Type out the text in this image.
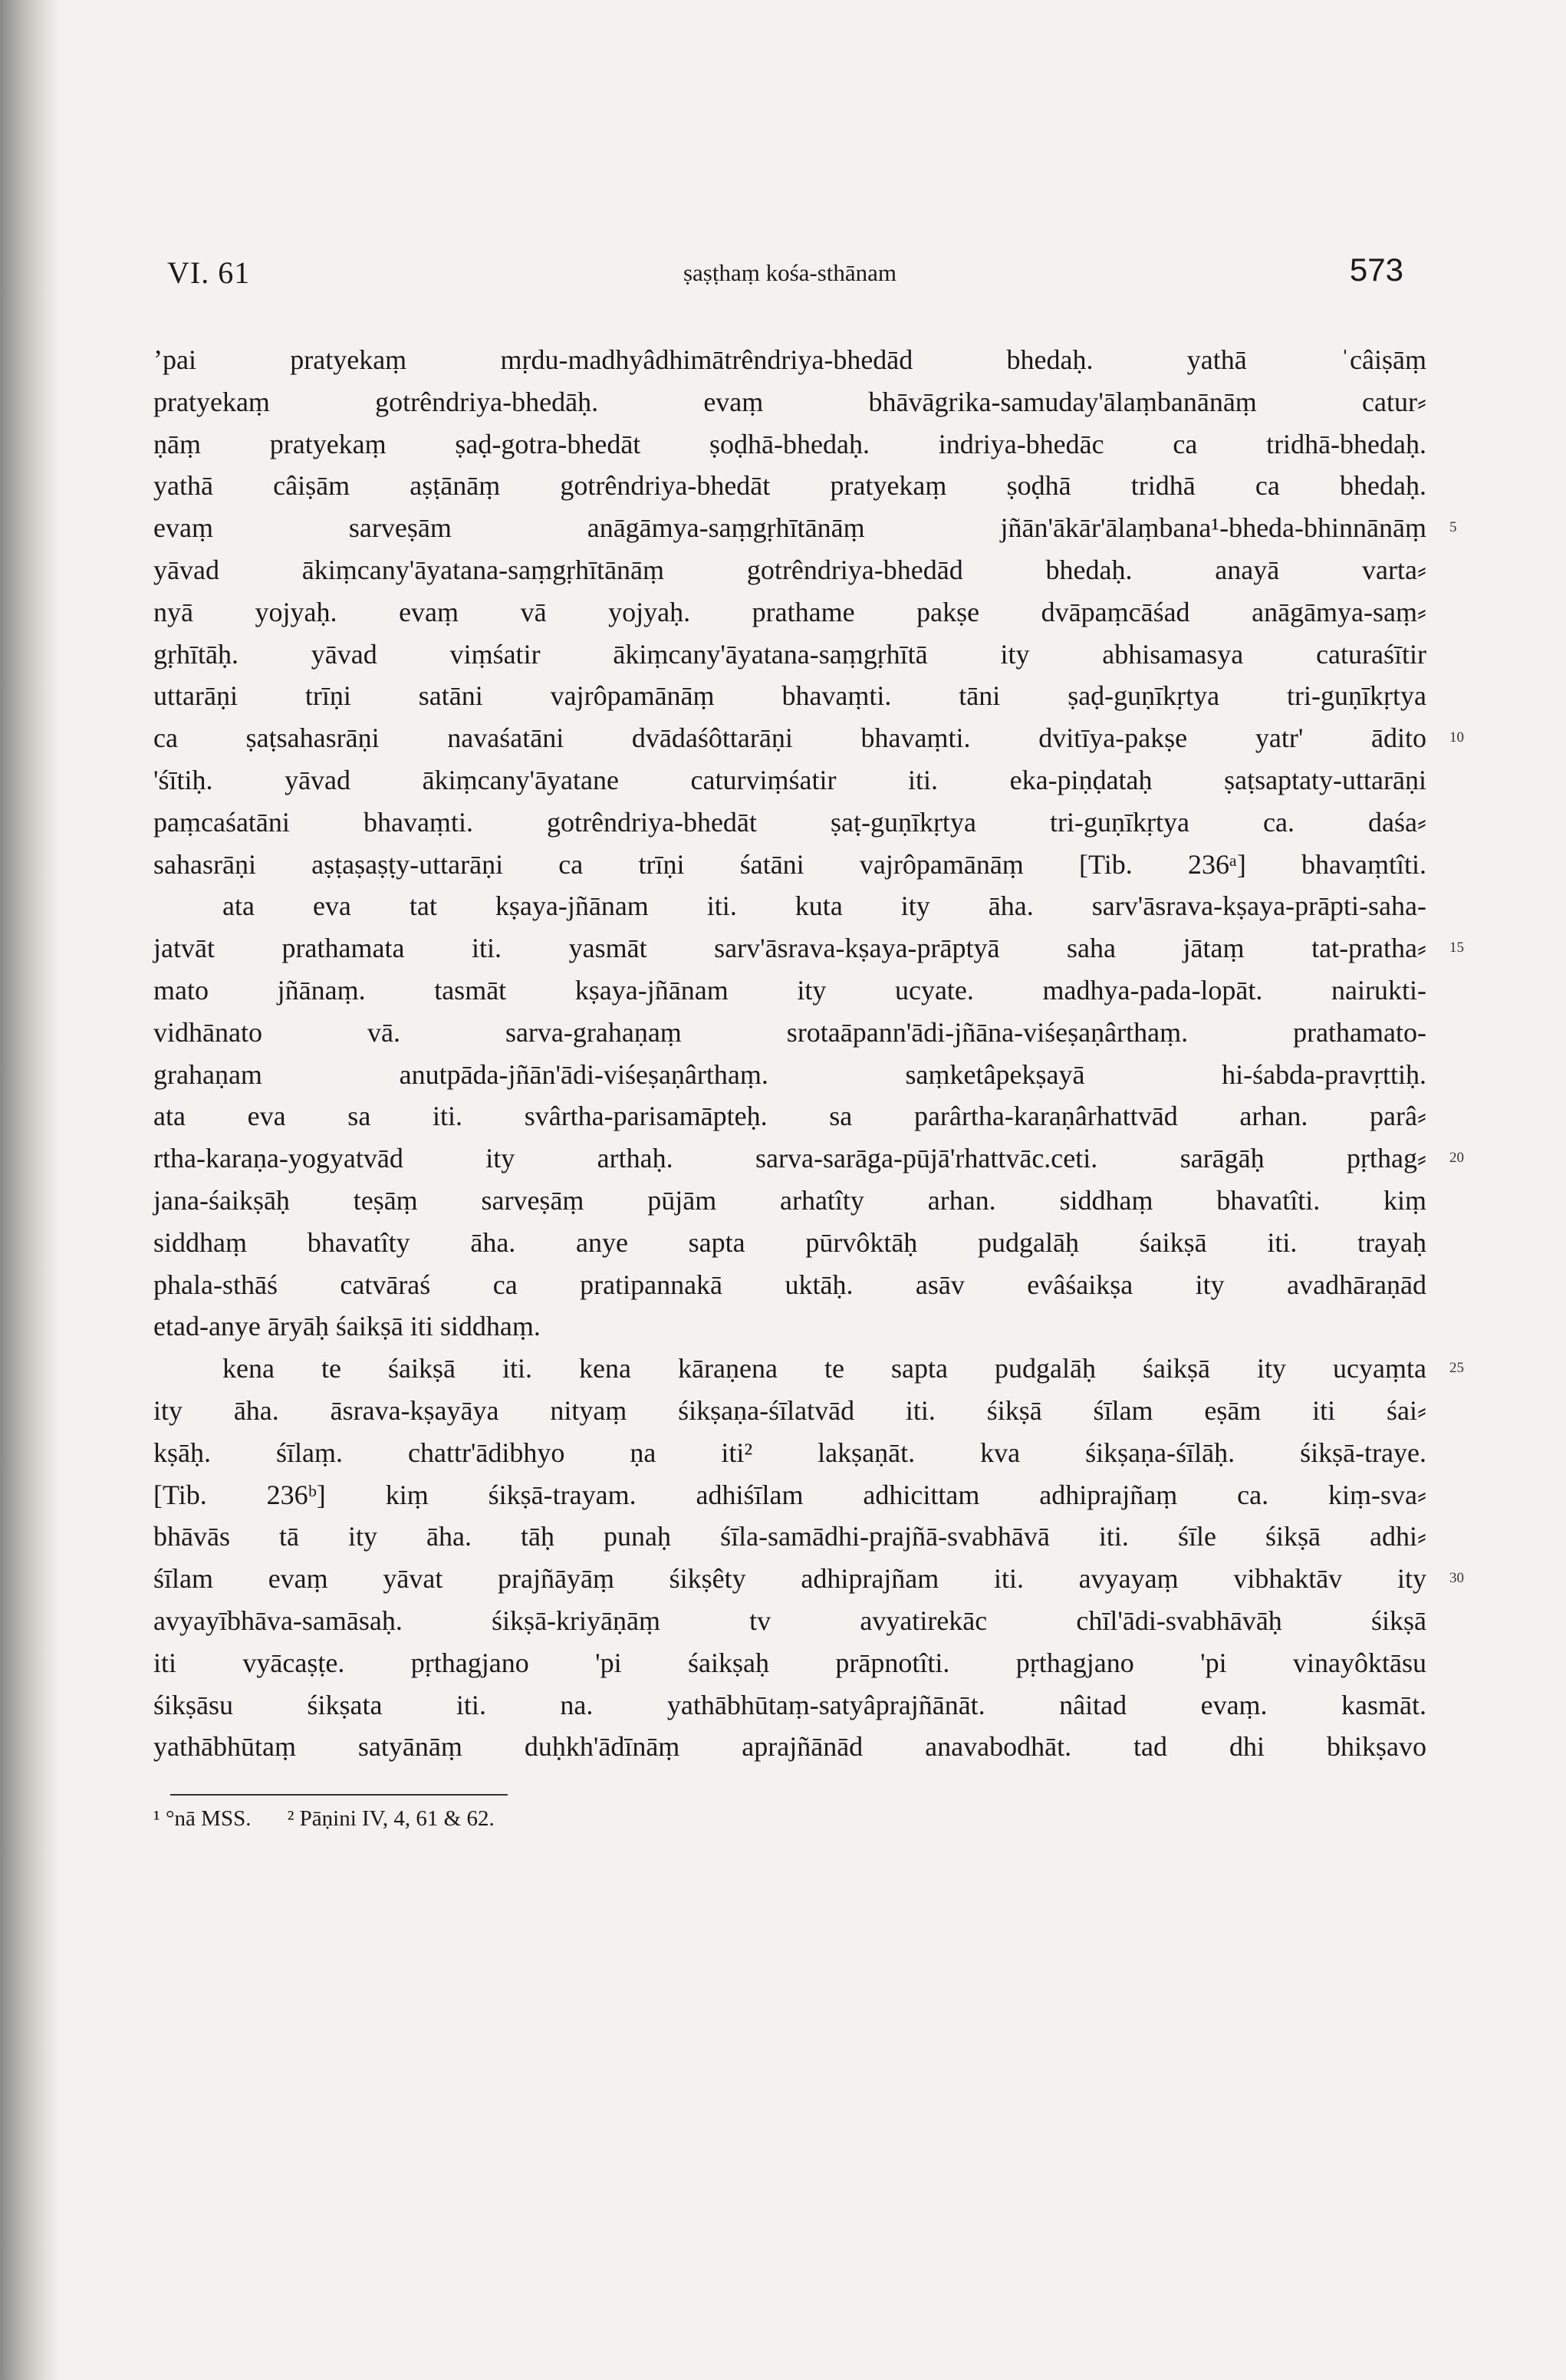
VI. 61	ṣaṣṭhaṃ kośa-sthānam	573
ʼpai pratyekaṃ mṛdu-madhyâdhimātrêndriya-bhedād bhedaḥ. yathā ˈcâiṣāṃ
pratyekaṃ gotrêndriya-bhedāḥ. evaṃ bhāvāgrika-samuday'ālaṃbanānāṃ catur⸗
ṇāṃ pratyekaṃ ṣaḍ-gotra-bhedāt ṣoḍhā-bhedaḥ. indriya-bhedāc ca tridhā-bhedaḥ.
yathā câiṣām aṣṭānāṃ gotrêndriya-bhedāt pratyekaṃ ṣoḍhā tridhā ca bhedaḥ.
evaṃ sarveṣām anāgāmya-saṃgṛhītānāṃ jñān'ākār'ālaṃbana¹-bheda-bhinnānāṃ 5
yāvad ākiṃcany'āyatana-saṃgṛhītānāṃ gotrêndriya-bhedād bhedaḥ. anayā varta⸗
nyā yojyaḥ. evaṃ vā yojyaḥ. prathame pakṣe dvāpaṃcāśad anāgāmya-saṃ⸗
gṛhītāḥ. yāvad viṃśatir ākiṃcany'āyatana-saṃgṛhītā ity abhisamasya caturaśītir
uttarāṇi trīṇi satāni vajrôpamānāṃ bhavaṃti. tāni ṣaḍ-guṇīkṛtya tri-guṇīkṛtya
ca ṣaṭsahasrāṇi navaśatāni dvādaśôttarāṇi bhavaṃti. dvitīya-pakṣe yatr' ādito 10
'śītiḥ. yāvad ākiṃcany'āyatane caturviṃśatir iti. eka-piṇḍataḥ ṣaṭsaptaty-uttarāṇi
paṃcaśatāni bhavaṃti. gotrêndriya-bhedāt ṣaṭ-guṇīkṛtya tri-guṇīkṛtya ca. daśa⸗
sahasrāṇi aṣṭaṣaṣṭy-uttarāṇi ca trīṇi śatāni vajrôpamānāṃ [Tib. 236ᵃ] bhavaṃtîti.
ata eva tat kṣaya-jñānam iti. kuta ity āha. sarv'āsrava-kṣaya-prāpti-saha-
jatvāt prathamata iti. yasmāt sarv'āsrava-kṣaya-prāptyā saha jātaṃ tat-pratha⸗ 15
mato jñānaṃ. tasmāt kṣaya-jñānam ity ucyate. madhya-pada-lopāt. nairukti-
vidhānato vā. sarva-grahaṇaṃ srotaāpann'ādi-jñāna-viśeṣaṇârthaṃ. prathamato-
grahaṇam anutpāda-jñān'ādi-viśeṣaṇârthaṃ. saṃketâpekṣayā hi-śabda-pravṛttiḥ.
ata eva sa iti. svârtha-parisamāpteḥ. sa parârtha-karaṇârhattvād arhan. parâ⸗
rtha-karaṇa-yogyatvād ity arthaḥ. sarva-sarāga-pūjā'rhattvāc.ceti. sarāgāḥ pṛthag⸗ 20
jana-śaikṣāḥ teṣāṃ sarveṣāṃ pūjām arhatîty arhan. siddhaṃ bhavatîti. kiṃ
siddhaṃ bhavatîty āha. anye sapta pūrvôktāḥ pudgalāḥ śaikṣā iti. trayaḥ
phala-sthāś catvāraś ca pratipannakā uktāḥ. asāv evâśaikṣa ity avadhāraṇād
etad-anye āryāḥ śaikṣā iti siddhaṃ.
kena te śaikṣā iti. kena kāraṇena te sapta pudgalāḥ śaikṣā ity ucyaṃta 25
ity āha. āsrava-kṣayāya nityaṃ śikṣaṇa-śīlatvād iti. śikṣā śīlam eṣām iti śai⸗
kṣāḥ. śīlaṃ. chattr'ādibhyo ṇa iti² lakṣaṇāt. kva śikṣaṇa-śīlāḥ. śikṣā-traye.
[Tib. 236ᵇ] kiṃ śikṣā-trayam. adhiśīlam adhicittam adhiprajñaṃ ca. kiṃ-sva⸗
bhāvās tā ity āha. tāḥ punaḥ śīla-samādhi-prajñā-svabhāvā iti. śīle śikṣā adhi⸗
śīlam evaṃ yāvat prajñāyāṃ śikṣêty adhiprajñam iti. avyayaṃ vibhaktāv ity 30
avyayībhāva-samāsaḥ. śikṣā-kriyāṇāṃ tv avyatirekāc chīl'ādi-svabhāvāḥ śikṣā
iti vyācaṣṭe. pṛthagjano 'pi śaikṣaḥ prāpnotîti. pṛthagjano 'pi vinayôktāsu
śikṣāsu śikṣata iti. na. yathābhūtaṃ-satyâprajñānāt. nâitad evaṃ. kasmāt.
yathābhūtaṃ satyānāṃ duḥkh'ādīnāṃ aprajñānād anavabodhāt. tad dhi bhikṣavo
¹ °nā MSS. ² Pāṇini IV, 4, 61 & 62.
